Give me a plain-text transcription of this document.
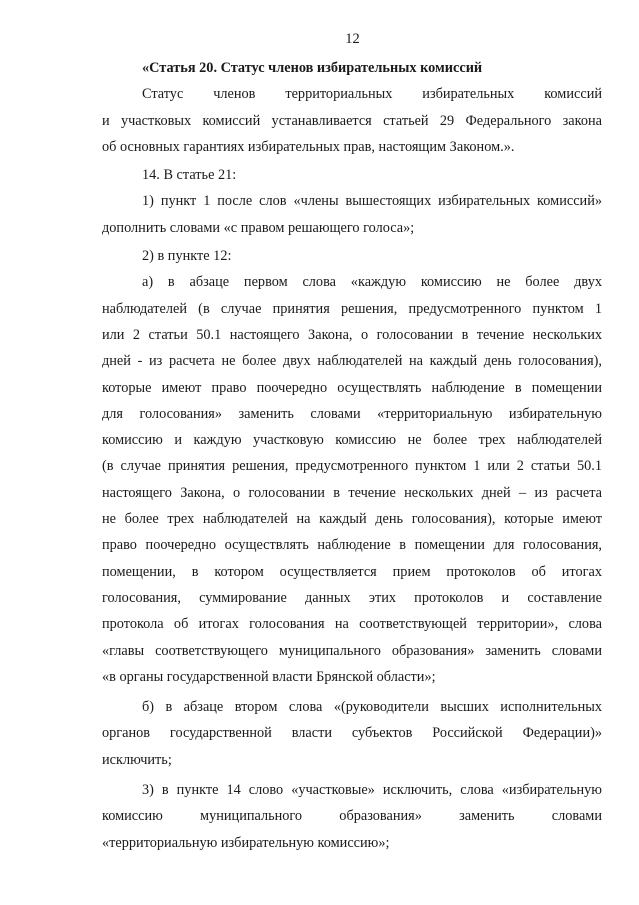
12
«Статья 20. Статус членов избирательных комиссий
Статус членов территориальных избирательных комиссий
и участковых комиссий устанавливается статьей 29 Федерального закона
об основных гарантиях избирательных прав, настоящим Законом.».
14. В статье 21:
1) пункт 1 после слов «члены вышестоящих избирательных комиссий»
дополнить словами «с правом решающего голоса»;
2) в пункте 12:
а) в абзаце первом слова «каждую комиссию не более двух
наблюдателей (в случае принятия решения, предусмотренного пунктом 1
или 2 статьи 50.1 настоящего Закона, о голосовании в течение нескольких
дней - из расчета не более двух наблюдателей на каждый день голосования),
которые имеют право поочередно осуществлять наблюдение в помещении
для голосования» заменить словами «территориальную избирательную
комиссию и каждую участковую комиссию не более трех наблюдателей
(в случае принятия решения, предусмотренного пунктом 1 или 2 статьи 50.1
настоящего Закона, о голосовании в течение нескольких дней – из расчета
не более трех наблюдателей на каждый день голосования), которые имеют
право поочередно осуществлять наблюдение в помещении для голосования,
помещении, в котором осуществляется прием протоколов об итогах
голосования, суммирование данных этих протоколов и составление
протокола об итогах голосования на соответствующей территории», слова
«главы соответствующего муниципального образования» заменить словами
«в органы государственной власти Брянской области»;
б) в абзаце втором слова «(руководители высших исполнительных
органов государственной власти субъектов Российской Федерации)»
исключить;
3) в пункте 14 слово «участковые» исключить, слова «избирательную
комиссию муниципального образования» заменить словами
«территориальную избирательную комиссию»;
